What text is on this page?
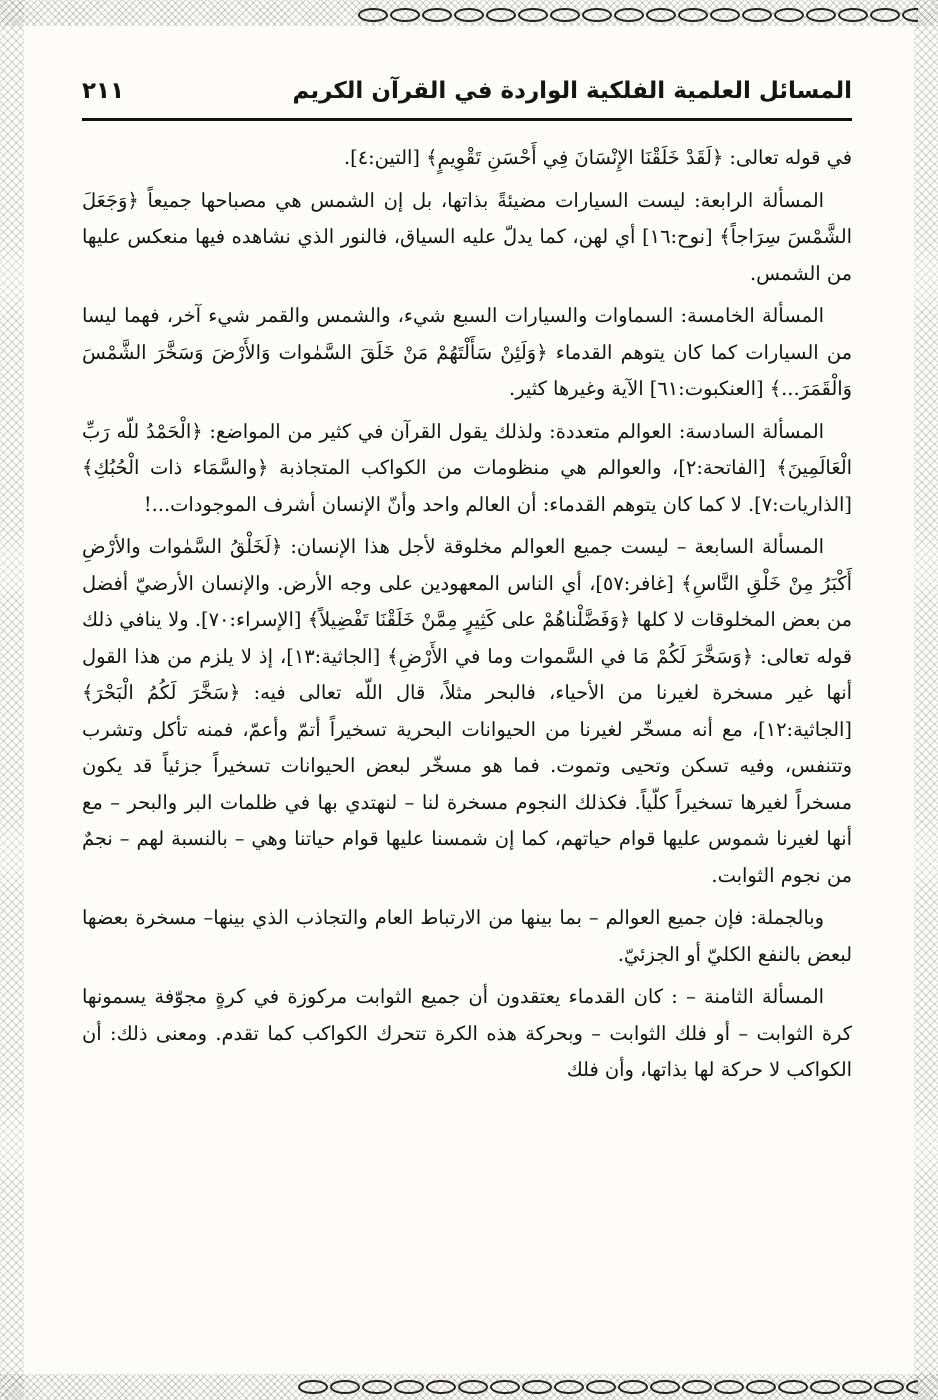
المسائل العلمية الفلكية الواردة في القرآن الكريم
٢١١

في قوله تعالى: ﴿لَقَدْ خَلَقْنَا الإِنْسَانَ فِي أَحْسَنِ تَقْوِيمٍ﴾ [التين:٤].

المسألة الرابعة: ليست السيارات مضيئةً بذاتها، بل إن الشمس هي مصباحها جميعاً ﴿وَجَعَلَ الشَّمْسَ سِرَاجاً﴾ [نوح:١٦] أي لهن، كما يدلّ عليه السياق، فالنور الذي نشاهده فيها منعكس عليها من الشمس.

المسألة الخامسة: السماوات والسيارات السبع شيء، والشمس والقمر شيء آخر، فهما ليسا من السيارات كما كان يتوهم القدماء ﴿وَلَئِنْ سَأَلْتَهُمْ مَنْ خَلَقَ السَّمٰوات وَالأَرْضَ وَسَخَّرَ الشَّمْسَ وَالْقَمَرَ...﴾ [العنكبوت:٦١] الآية وغيرها كثير.

المسألة السادسة: العوالم متعددة: ولذلك يقول القرآن في كثير من المواضع: ﴿الْحَمْدُ للّه رَبِّ الْعَالَمِينَ﴾ [الفاتحة:٢]، والعوالم هي منظومات من الكواكب المتجاذبة ﴿والسَّمَاء ذات الْحُبُكِ﴾ [الذاريات:٧]. لا كما كان يتوهم القدماء: أن العالم واحد وأنّ الإنسان أشرف الموجودات...!

المسألة السابعة – ليست جميع العوالم مخلوقة لأجل هذا الإنسان: ﴿لَخَلْقُ السَّمٰوات والأرْضِ أَكْبَرُ مِنْ خَلْقِ النَّاسِ﴾ [غافر:٥٧]، أي الناس المعهودين على وجه الأرض. والإنسان الأرضيّ أفضل من بعض المخلوقات لا كلها ﴿وَفَضَّلْناهُمْ على كَثِيرٍ مِمَّنْ خَلَقْنَا تَفْضِيلاً﴾ [الإسراء:٧٠]. ولا ينافي ذلك قوله تعالى: ﴿وَسَخَّرَ لَكُمْ مَا في السَّموات وما في الأَرْضِ﴾ [الجاثية:١٣]، إذ لا يلزم من هذا القول أنها غير مسخرة لغيرنا من الأحياء، فالبحر مثلاً، قال اللّه تعالى فيه: ﴿سَخَّرَ لَكُمُ الْبَحْرَ﴾ [الجاثية:١٢]، مع أنه مسخّر لغيرنا من الحيوانات البحرية تسخيراً أتمّ وأعمّ، فمنه تأكل وتشرب وتتنفس، وفيه تسكن وتحيى وتموت. فما هو مسخّر لبعض الحيوانات تسخيراً جزئياً قد يكون مسخراً لغيرها تسخيراً كلّياً. فكذلك النجوم مسخرة لنا – لنهتدي بها في ظلمات البر والبحر – مع أنها لغيرنا شموس عليها قوام حياتهم، كما إن شمسنا عليها قوام حياتنا وهي – بالنسبة لهم – نجمٌ من نجوم الثوابت.

وبالجملة: فإن جميع العوالم – بما بينها من الارتباط العام والتجاذب الذي بينها– مسخرة بعضها لبعض بالنفع الكليّ أو الجزئيّ.

المسألة الثامنة – : كان القدماء يعتقدون أن جميع الثوابت مركوزة في كرةٍ مجوّفة يسمونها كرة الثوابت – أو فلك الثوابت – وبحركة هذه الكرة تتحرك الكواكب كما تقدم. ومعنى ذلك: أن الكواكب لا حركة لها بذاتها، وأن فلك
